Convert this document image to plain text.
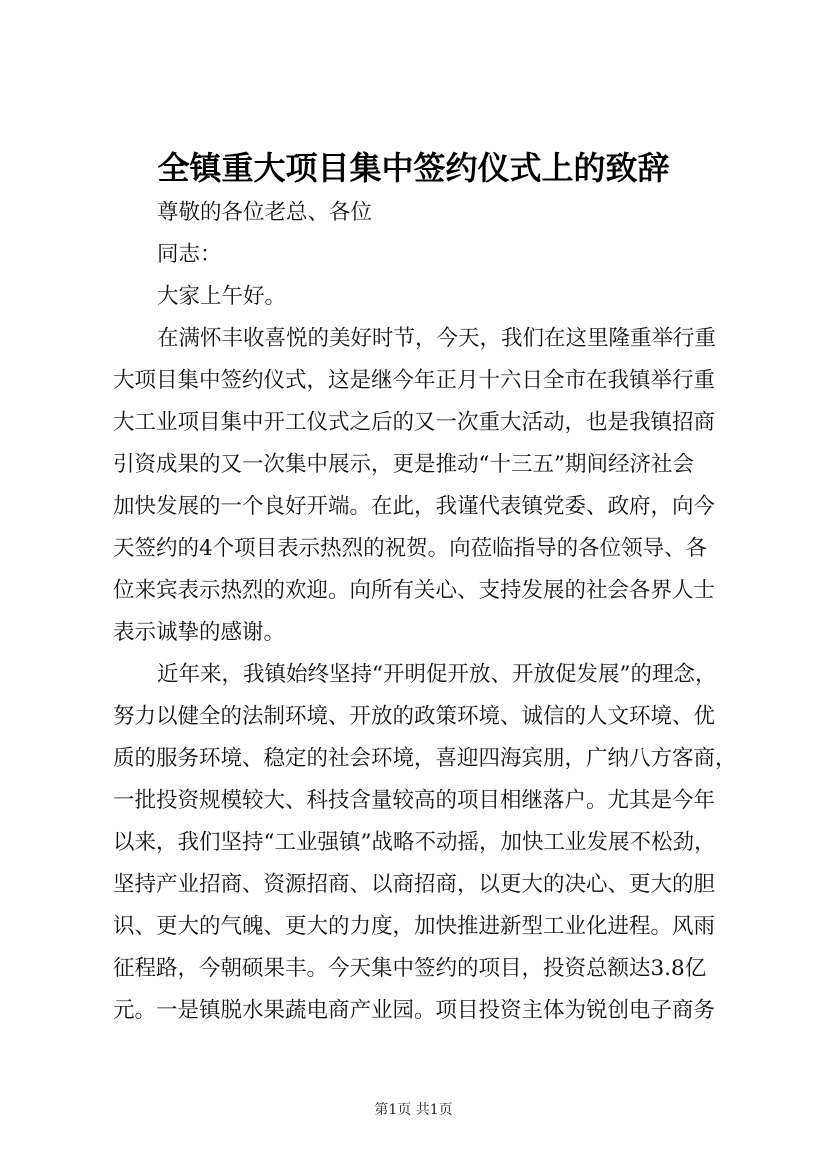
全镇重大项目集中签约仪式上的致辞
尊敬的各位老总、各位
同志：
大家上午好。
在满怀丰收喜悦的美好时节，今天，我们在这里隆重举行重
大项目集中签约仪式，这是继今年正月十六日全市在我镇举行重
大工业项目集中开工仪式之后的又一次重大活动，也是我镇招商
引资成果的又一次集中展示，更是推动“十三五”期间经济社会
加快发展的一个良好开端。在此，我谨代表镇党委、政府，向今
天签约的4个项目表示热烈的祝贺。向莅临指导的各位领导、各
位来宾表示热烈的欢迎。向所有关心、支持发展的社会各界人士
表示诚挚的感谢。
近年来，我镇始终坚持“开明促开放、开放促发展”的理念，
努力以健全的法制环境、开放的政策环境、诚信的人文环境、优
质的服务环境、稳定的社会环境，喜迎四海宾朋，广纳八方客商，
一批投资规模较大、科技含量较高的项目相继落户。尤其是今年
以来，我们坚持“工业强镇”战略不动摇，加快工业发展不松劲，
坚持产业招商、资源招商、以商招商，以更大的决心、更大的胆
识、更大的气魄、更大的力度，加快推进新型工业化进程。风雨
征程路，今朝硕果丰。今天集中签约的项目，投资总额达3.8亿
元。一是镇脱水果蔬电商产业园。项目投资主体为锐创电子商务
第1页 共1页
